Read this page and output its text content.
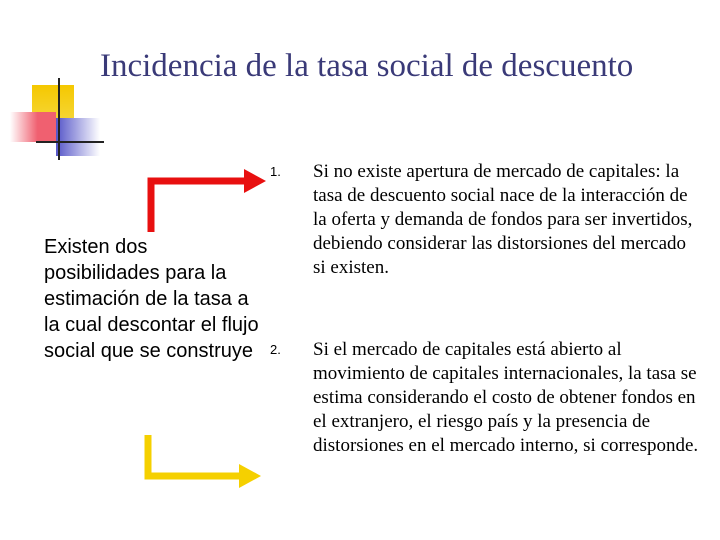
Incidencia de la tasa social de descuento
Existen dos posibilidades para la estimación de la tasa a la cual descontar el flujo social que se construye
1. Si no existe apertura de mercado de capitales: la tasa de descuento social nace de la interacción de la oferta y demanda de fondos para ser invertidos, debiendo considerar las distorsiones del mercado si existen.
2. Si el mercado de capitales está abierto al movimiento de capitales internacionales, la tasa se estima considerando el costo de obtener fondos en el extranjero, el riesgo país y la presencia de distorsiones en el mercado interno, si corresponde.
